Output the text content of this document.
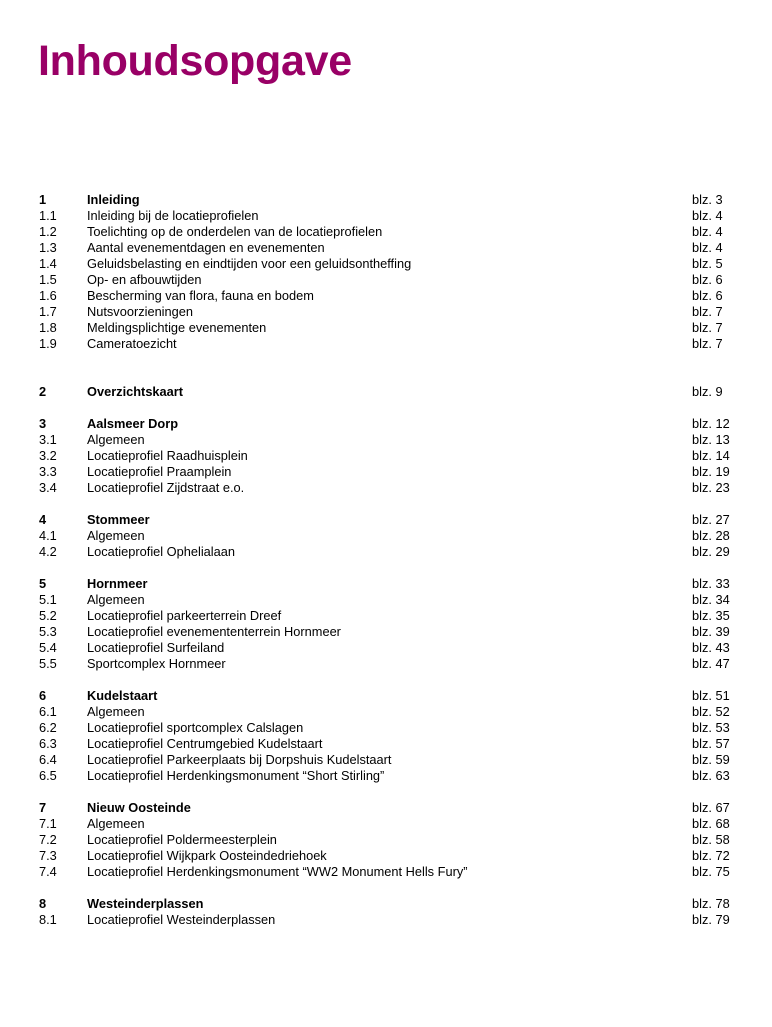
Inhoudsopgave
1	Inleiding	blz. 3
1.1 Inleiding bij de locatieprofielen	blz. 4
1.2 Toelichting op de onderdelen van de locatieprofielen	blz. 4
1.3 Aantal evenementdagen en evenementen	blz. 4
1.4 Geluidsbelasting en eindtijden voor een geluidsontheffing	blz. 5
1.5 Op- en afbouwtijden	blz. 6
1.6 Bescherming van flora, fauna en bodem	blz. 6
1.7 Nutsvoorzieningen	blz. 7
1.8 Meldingsplichtige evenementen	blz. 7
1.9 Cameratoezicht	blz. 7
2	Overzichtskaart	blz. 9
3	Aalsmeer Dorp	blz. 12
3.1 Algemeen	blz. 13
3.2 Locatieprofiel Raadhuisplein	blz. 14
3.3 Locatieprofiel Praamplein	blz. 19
3.4 Locatieprofiel Zijdstraat e.o.	blz. 23
4	Stommeer	blz. 27
4.1 Algemeen	blz. 28
4.2 Locatieprofiel Ophelialaan	blz. 29
5	Hornmeer	blz. 33
5.1 Algemeen	blz. 34
5.2 Locatieprofiel parkeerterrein Dreef	blz. 35
5.3 Locatieprofiel evenemententerrein Hornmeer	blz. 39
5.4 Locatieprofiel Surfeiland	blz. 43
5.5 Sportcomplex Hornmeer	blz. 47
6	Kudelstaart	blz. 51
6.1 Algemeen	blz. 52
6.2 Locatieprofiel sportcomplex Calslagen	blz. 53
6.3 Locatieprofiel Centrumgebied Kudelstaart	blz. 57
6.4 Locatieprofiel Parkeerplaats bij Dorpshuis Kudelstaart	blz. 59
6.5 Locatieprofiel Herdenkingsmonument “Short Stirling”	blz. 63
7	Nieuw Oosteinde	blz. 67
7.1 Algemeen	blz. 68
7.2 Locatieprofiel Poldermeesterplein	blz. 58
7.3 Locatieprofiel Wijkpark Oosteindedriehoek	blz. 72
7.4 Locatieprofiel Herdenkingsmonument “WW2 Monument Hells Fury”	blz. 75
8	Westeinderplassen	blz. 78
8.1 Locatieprofiel Westeinderplassen	blz. 79
